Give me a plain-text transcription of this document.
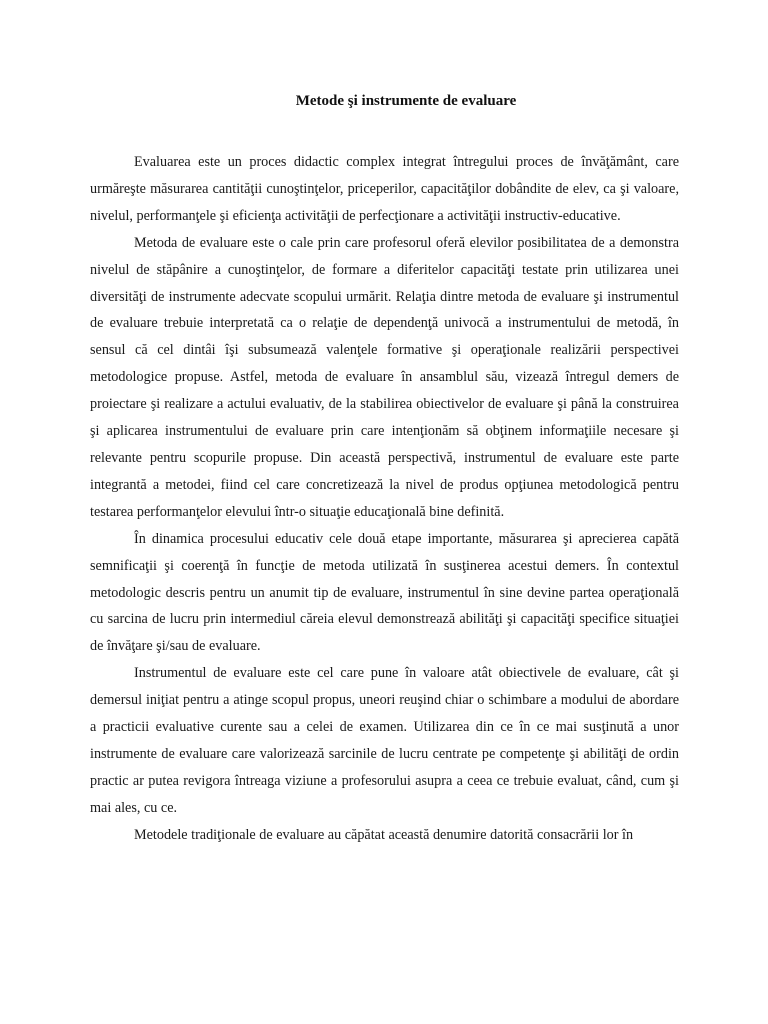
Metode şi instrumente de evaluare

Evaluarea este un proces didactic complex integrat întregului proces de învăţământ, care urmăreşte măsurarea cantităţii cunoştinţelor, priceperilor, capacităţilor dobândite de elev, ca şi valoare, nivelul, performanţele şi eficienţa activităţii de perfecţionare a activităţii instructiv-educative.

Metoda de evaluare este o cale prin care profesorul oferă elevilor posibilitatea de a demonstra nivelul de stăpânire a cunoştinţelor, de formare a diferitelor capacităţi testate prin utilizarea unei diversităţi de instrumente adecvate scopului urmărit. Relaţia dintre metoda de evaluare şi instrumentul de evaluare trebuie interpretată ca o relaţie de dependenţă univocă a instrumentului de metodă, în sensul că cel dintâi îşi subsumează valenţele formative şi operaţionale realizării perspectivei metodologice propuse. Astfel, metoda de evaluare în ansamblul său, vizează întregul demers de proiectare şi realizare a actului evaluativ, de la stabilirea obiectivelor de evaluare şi până la construirea şi aplicarea instrumentului de evaluare prin care intenţionăm să obţinem informaţiile necesare şi relevante pentru scopurile propuse. Din această perspectivă, instrumentul de evaluare este parte integrantă a metodei, fiind cel care concretizează la nivel de produs opţiunea metodologică pentru testarea performanţelor elevului într-o situaţie educaţională bine definită.

În dinamica procesului educativ cele două etape importante, măsurarea şi aprecierea capătă semnificaţii şi coerenţă în funcţie de metoda utilizată în susţinerea acestui demers. În contextul metodologic descris pentru un anumit tip de evaluare, instrumentul în sine devine partea operaţională cu sarcina de lucru prin intermediul căreia elevul demonstrează abilităţi şi capacităţi specifice situaţiei de învăţare şi/sau de evaluare.

Instrumentul de evaluare este cel care pune în valoare atât obiectivele de evaluare, cât şi demersul iniţiat pentru a atinge scopul propus, uneori reuşind chiar o schimbare a modului de abordare a practicii evaluative curente sau a celei de examen. Utilizarea din ce în ce mai susţinută a unor instrumente de evaluare care valorizează sarcinile de lucru centrate pe competenţe şi abilităţi de ordin practic ar putea revigora întreaga viziune a profesorului asupra a ceea ce trebuie evaluat, când, cum şi mai ales, cu ce.

Metodele tradiţionale de evaluare au căpătat această denumire datorită consacrării lor în
